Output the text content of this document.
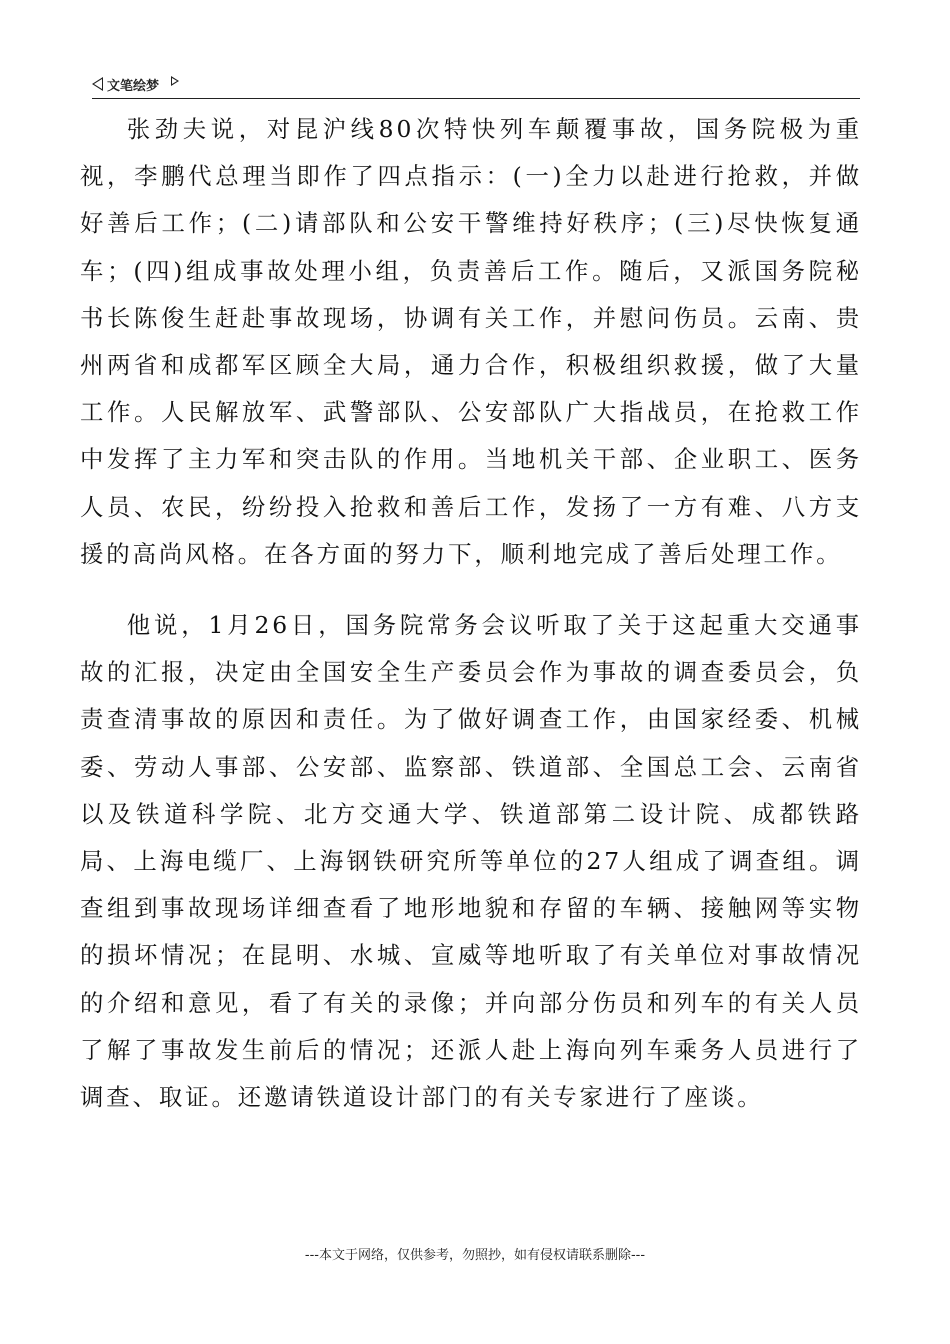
文笔绘梦

张劲夫说，对昆沪线80次特快列车颠覆事故，国务院极为重视，李鹏代总理当即作了四点指示：(一)全力以赴进行抢救，并做好善后工作；(二)请部队和公安干警维持好秩序；(三)尽快恢复通车；(四)组成事故处理小组，负责善后工作。随后，又派国务院秘书长陈俊生赶赴事故现场，协调有关工作，并慰问伤员。云南、贵州两省和成都军区顾全大局，通力合作，积极组织救援，做了大量工作。人民解放军、武警部队、公安部队广大指战员，在抢救工作中发挥了主力军和突击队的作用。当地机关干部、企业职工、医务人员、农民，纷纷投入抢救和善后工作，发扬了一方有难、八方支援的高尚风格。在各方面的努力下，顺利地完成了善后处理工作。

他说，1月26日，国务院常务会议听取了关于这起重大交通事故的汇报，决定由全国安全生产委员会作为事故的调查委员会，负责查清事故的原因和责任。为了做好调查工作，由国家经委、机械委、劳动人事部、公安部、监察部、铁道部、全国总工会、云南省以及铁道科学院、北方交通大学、铁道部第二设计院、成都铁路局、上海电缆厂、上海钢铁研究所等单位的27人组成了调查组。调查组到事故现场详细查看了地形地貌和存留的车辆、接触网等实物的损坏情况；在昆明、水城、宣威等地听取了有关单位对事故情况的介绍和意见，看了有关的录像；并向部分伤员和列车的有关人员了解了事故发生前后的情况；还派人赴上海向列车乘务人员进行了调查、取证。还邀请铁道设计部门的有关专家进行了座谈。

---本文于网络，仅供参考，勿照抄，如有侵权请联系删除---
